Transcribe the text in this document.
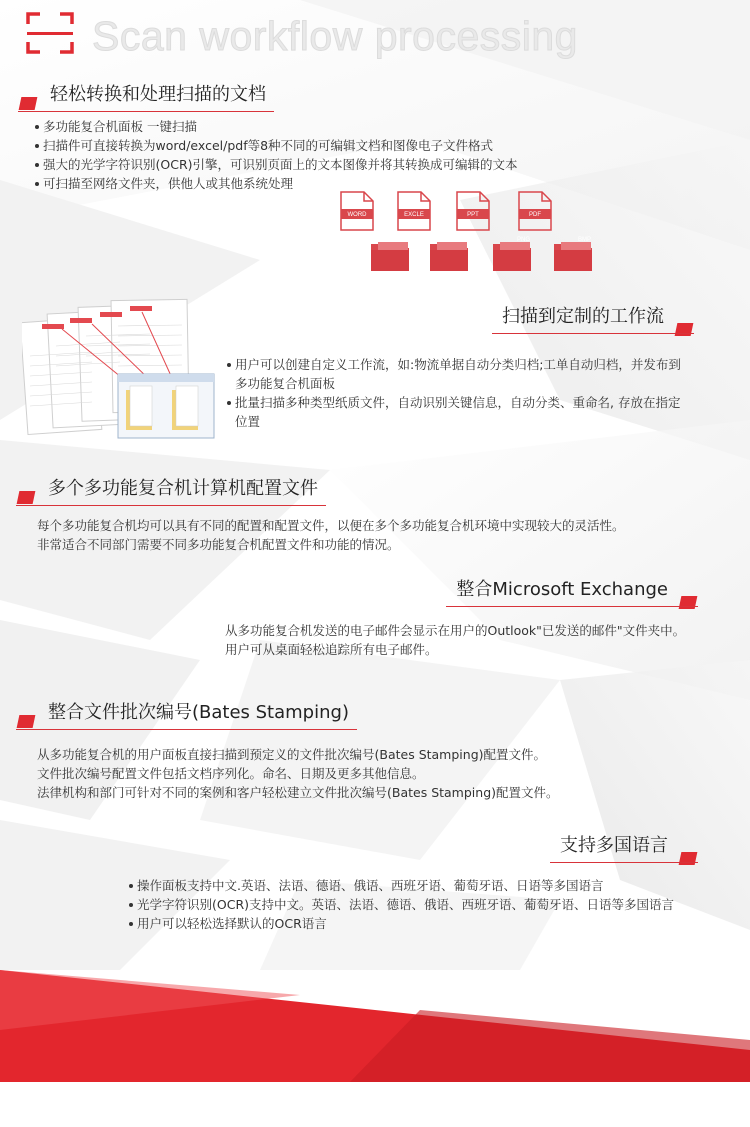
Scan workflow processing
轻松转换和处理扫描的文档
多功能复合机面板 一键扫描
扫描件可直接转换为word/excel/pdf等8种不同的可编辑文档和图像电子文件格式
强大的光学字符识别(OCR)引擎，可识别页面上的文本图像并将其转换成可编辑的文本
可扫描至网络文件夹，供他人或其他系统处理
WORD	EXCLE	PPT	PDF
TIFF	JPEG	PNG	BMP
扫描到定制的工作流
用户可以创建自定义工作流，如:物流单据自动分类归档;工单自动归档，并发布到
多功能复合机面板
批量扫描多种类型纸质文件，自动识别关键信息，自动分类、重命名, 存放在指定
位置
多个多功能复合机计算机配置文件
每个多功能复合机均可以具有不同的配置和配置文件，以便在多个多功能复合机环境中实现较大的灵活性。
非常适合不同部门需要不同多功能复合机配置文件和功能的情况。
整合Microsoft Exchange
从多功能复合机发送的电子邮件会显示在用户的Outlook"已发送的邮件"文件夹中。
用户可从桌面轻松追踪所有电子邮件。
整合文件批次编号(Bates Stamping)
从多功能复合机的用户面板直接扫描到预定义的文件批次编号(Bates Stamping)配置文件。
文件批次编号配置文件包括文档序列化。命名、日期及更多其他信息。
法律机构和部门可针对不同的案例和客户轻松建立文件批次编号(Bates Stamping)配置文件。
支持多国语言
操作面板支持中文.英语、法语、德语、俄语、西班牙语、葡萄牙语、日语等多国语言
光学字符识别(OCR)支持中文。英语、法语、德语、俄语、西班牙语、葡萄牙语、日语等多国语言
用户可以轻松选择默认的OCR语言
